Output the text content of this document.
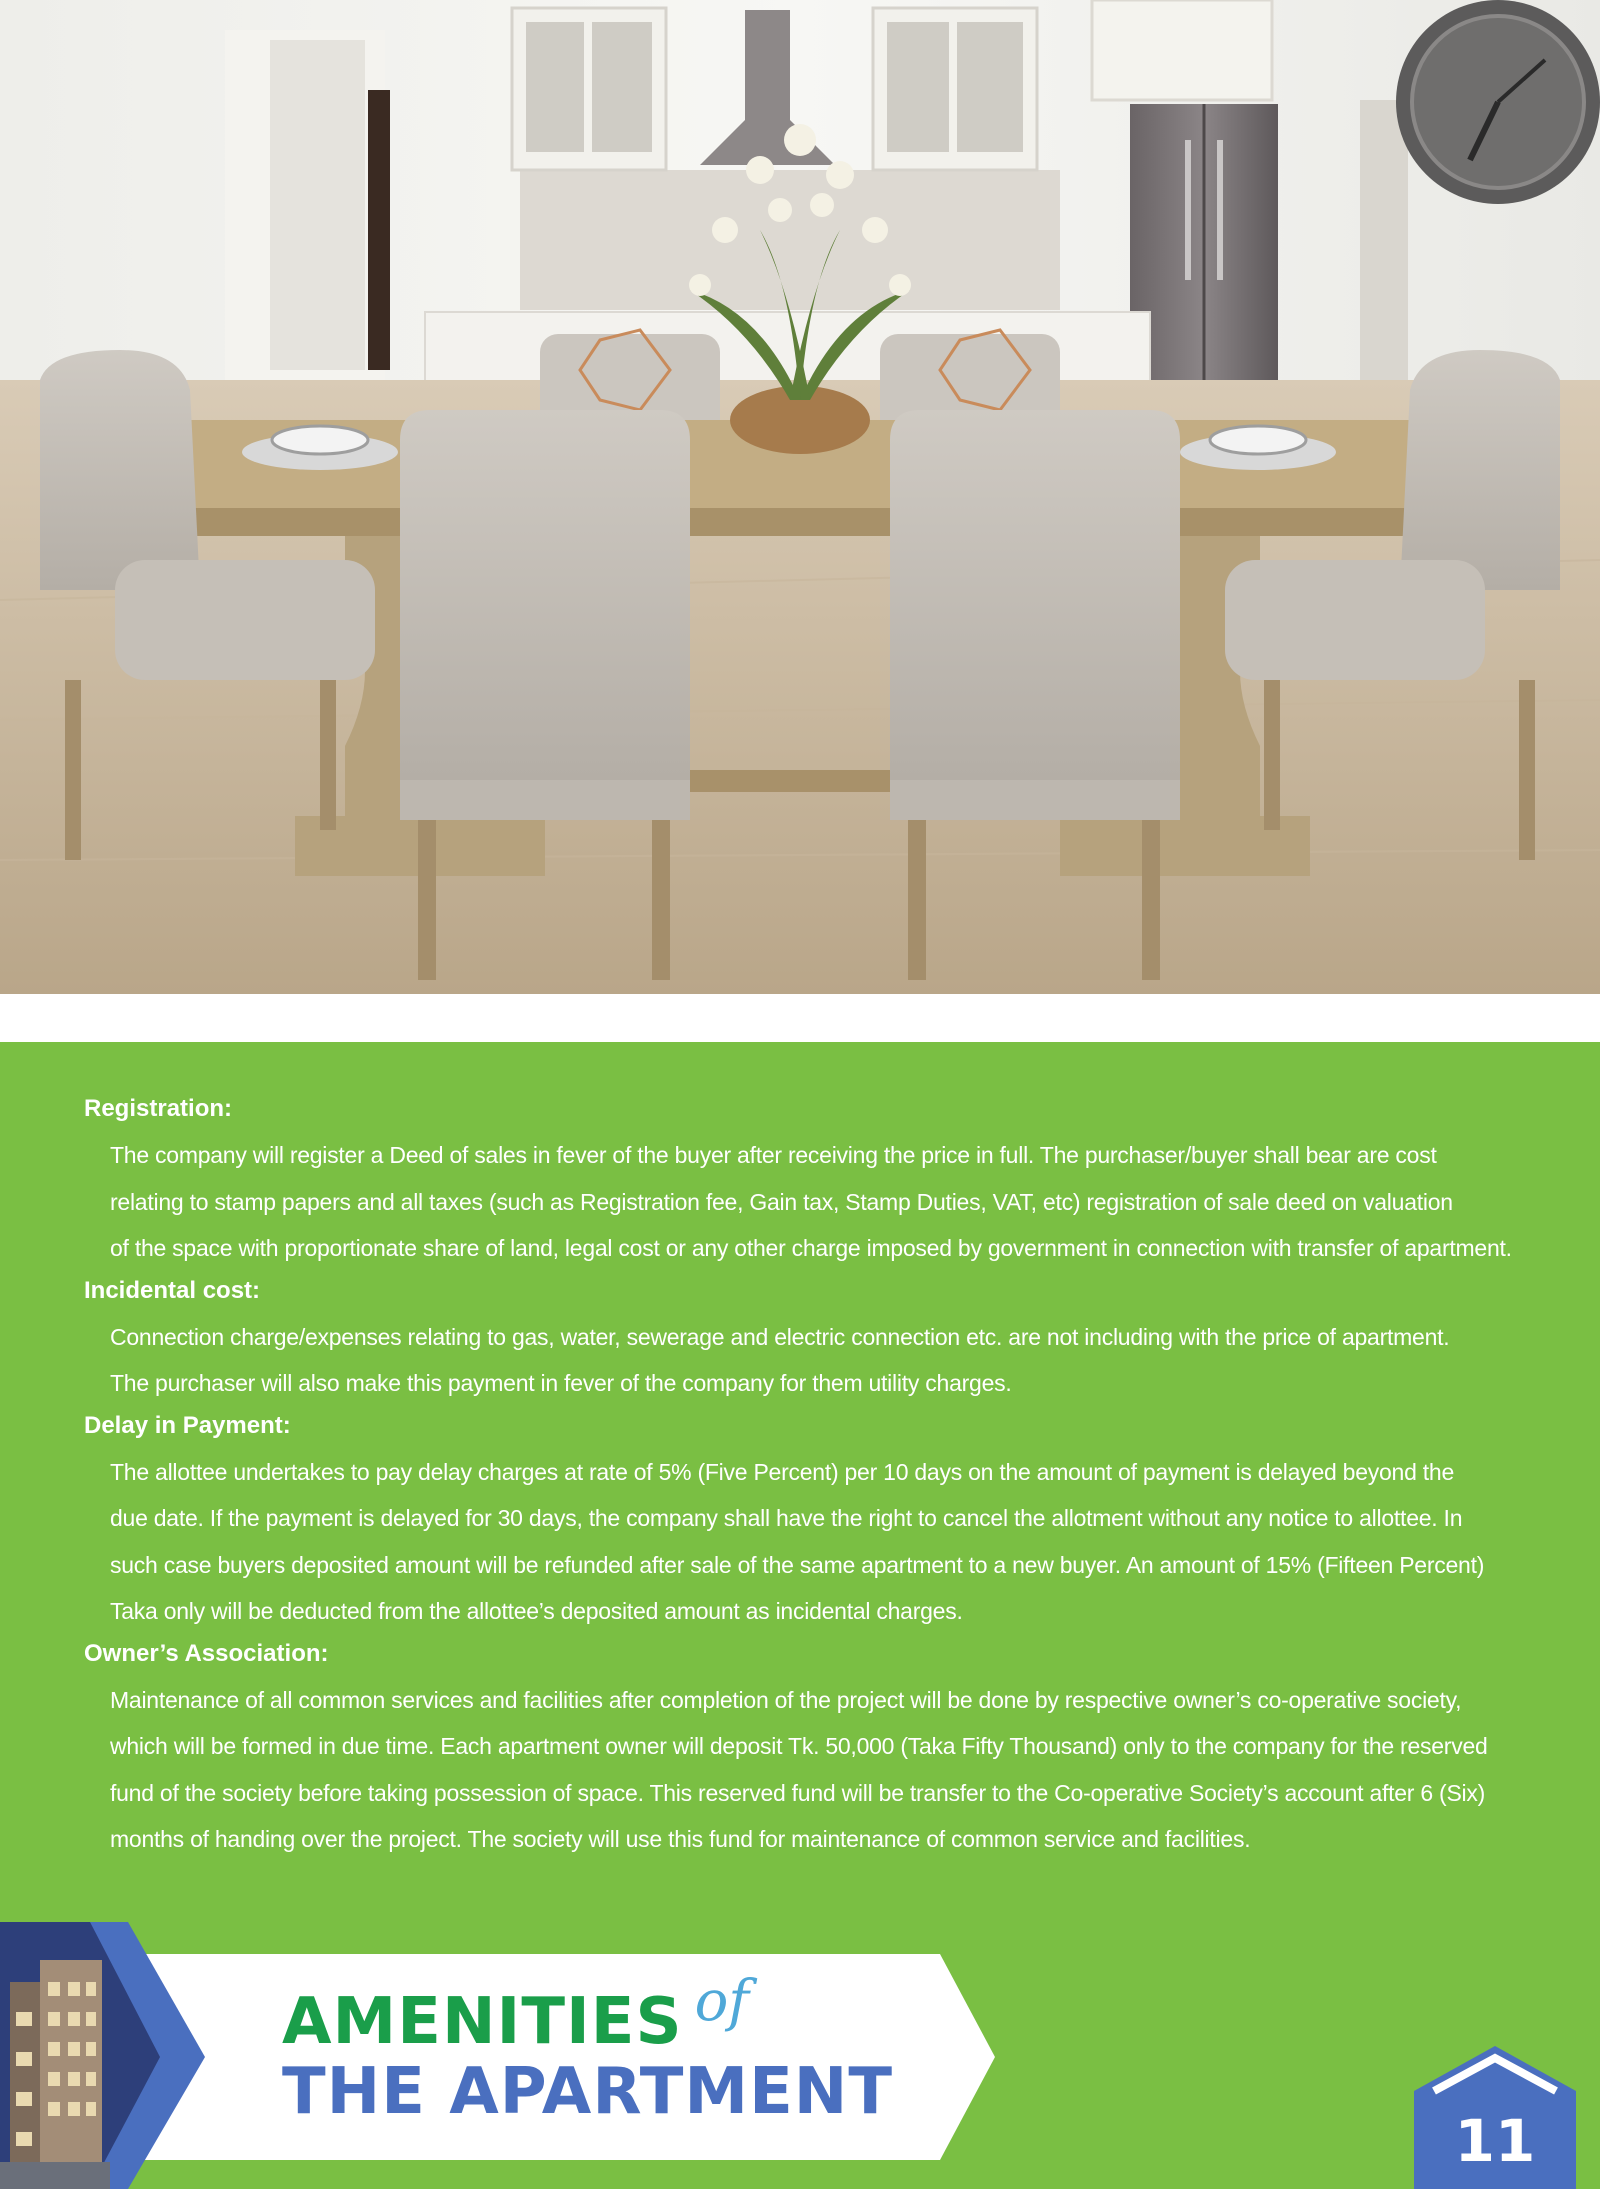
Registration:

The company will register a Deed of sales in fever of the buyer after receiving the price in full. The purchaser/buyer shall bear are cost

relating to stamp papers and all taxes (such as Registration fee, Gain tax, Stamp Duties, VAT, etc) registration of sale deed on valuation

of the space with proportionate share of land, legal cost or any other charge imposed by government in connection with transfer of apartment.

Incidental cost:

Connection charge/expenses relating to gas, water, sewerage and electric connection etc. are not including with the price of apartment.

The purchaser will also make this payment in fever of the company for them utility charges.

Delay in Payment:

The allottee undertakes to pay delay charges at rate of 5% (Five Percent) per 10 days on the amount of payment is delayed beyond the

due date. If the payment is delayed for 30 days, the company shall have the right to cancel the allotment without any notice to allottee. In

such case buyers deposited amount will be refunded after sale of the same apartment to a new buyer. An amount of 15% (Fifteen Percent)

Taka only will be deducted from the allottee’s deposited amount as incidental charges.

Owner’s Association:

Maintenance of all common services and facilities after completion of the project will be done by respective owner’s co-operative society,

which will be formed in due time. Each apartment owner will deposit Tk. 50,000 (Taka Fifty Thousand) only to the company for the reserved

fund of the society before taking possession of space. This reserved fund will be transfer to the Co-operative Society’s account after 6 (Six)

months of handing over the project. The society will use this fund for maintenance of common service and facilities.

AMENITIES of
THE APARTMENT
11
